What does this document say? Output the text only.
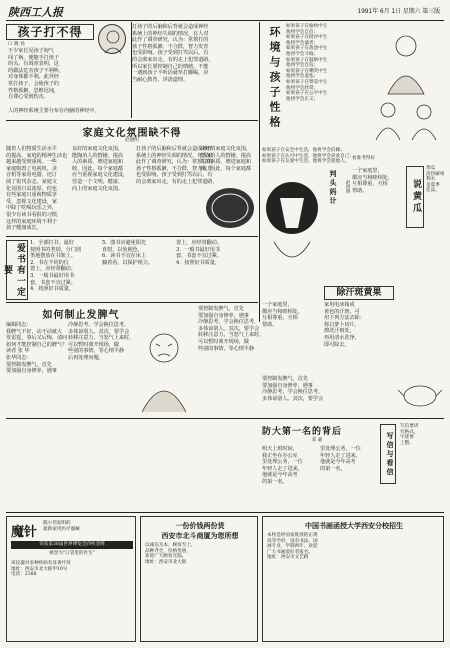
陕西工人报	1991年 6月 1日 星期六 第三版
孩子打不得
口 晓 孙
不少家长见孩子淘气
闯了祸，便随手打孩子
的头。有调查表明，这
的做法危害孩子不利听，
对身体都不利。此外经
常打孩子，会使孩子的
性格孤僻，思维迟钝，
自尊心受到伤害。
人的神经系统主要分布在内脑的神经中。
打孩子的后脑和后背就会造成神经
系统上的神经失调的情况，有人对
此作了调查研究，认为：常挨打的
孩子性格孤僻，不合群，智力发育
也受影响。孩子受到打骂以后，有
的会离家出走，有的走上犯罪道路，
所以家长要控制自己的情绪，不能
一遇到孩子不听话就拳打脚踢，应
当耐心教育，讲清道理。	环境与孩子性格 如果孩子在愉快中生
他将学会自信；
如果孩子在批评中生
他将学会谴责；
如果孩子在敌意中生
他将学会斗殴；
如果孩子在鼓励中生
他将学会自信；
如果孩子在嘲笑中生
他将学会羞怯；
如果孩子在赞美中生
他将学会欣赏；
如果孩子在公平中生
他将学会正义；
如果孩子在安全中生活，他将学会信赖；
如果孩子在认可中生活，他将学会喜欢自己；
如果孩子在友爱中生活，他将学会爱他人。
家庭文化氛围缺不得
赵德明
随着人们物质生活水平
的提高，家庭的精神生活也
越来越受到重视。一些
家庭购置了电视机、录
音机等家用电器，还订
阅了报刊杂志，家庭文
化氛围日益浓厚。但也
有些家庭只重视物质享
受，忽视文化建设，家
中除了吃喝玩乐之外，
很少有读书看报的习惯，
这样的家庭环境不利于
孩子健康成长。
良好的家庭文化氛围，
能陶冶人的情操，提高
人的素质，增进家庭和
睦。因此，每个家庭都
应当重视家庭文化建设，
营造一个文明、健康、
向上的家庭文化氛围。
打孩子的后脑和后背就会造成神经
系统上的神经失调的情况，有人对
此作了调查研究，认为：常挨打的
孩子性格孤僻，不合群，智力发育
也受影响。孩子受到打骂以后，有
的会离家出走，有的走上犯罪道路，
良好的家庭文化氛围，
能陶冶人的情操，提高
人的素质，增进家庭和
睦。因此，每个家庭都
爱书有一定要
1．全部打书，最好
按照书的类别，分门别
类地摆放在书架上。
2．书在不同的位
置上，应经常翻动。
3．一般书最好用书
套，书套不宜过紧。
4．按照好书质量，
5．图书应避免阳光
直射，以免褪色。
6．读书不宜在床上
躺着看，以保护视力。
置上，应经常翻动。
3．一般书最好用书
套，书套不宜过紧。
4．按照好书质量，
如何制止发脾气
编辑同志：
我脾气不好，动不动就大
发雷霆，事后又后悔，请问
如何才能控制自己的脾气？
读者 张 华
张华同志：
要控制发脾气，首先
要加强自身修养，遇事
冷静思考，学会换位思考，
多体谅别人。其次，要学会
转移注意力，当怒气上来时，
可以暂时离开现场，做
些别的事情，等心情平静
后再处理问题。
要控制发脾气，首先
要加强自身修养，遇事
冷静思考，学会换位思考，
多体谅别人。其次，要学会
转移注意力，当怒气上来时，
可以暂时离开现场，做
些别的事情，等心情平静
判头妈计	赵田明
一个家庭里，
都应当和睦相处，
互相尊重，互相
帮助。	说黄瓜
黄瓜
清热解毒
利水
是夏季
佳品。
看谁考得好
除汗斑黄果
家用电冰箱或
黄色的汗斑，可
用下列方法去除：
将白萝卜切片，
擦洗汗斑处，
再用清水洗净，
即可除去。
一个家庭里，
都应当和睦相处，
互相尊重，互相
帮助。
要控制发脾气，首先
要加强自身修养，遇事
冷静思考，学会换位思考，
多体谅别人。其次，要学会
防大第一名的背后
邓 嘉
明天上班时间，
我正坐在办公室
里处理公务，一位
年轻人走了进来，
他就是今年高考
的第一名。
里处理公务，一位
年轻人走了进来，
他就是今年高考
的第一名。	写信与看信
写信要讲
究格式，
字迹要
工整。
魔针
熊小伟发明的
最新家用医疗器械
荣获第38届世界博览会四枚金牌
被誉为"口袋里的医生"
该仪器对多种疾病有显著疗效
地址：西安市北大街甲10号
电话：2388
一份价钱两份货
西安市北斗商厦为您所想
以诚信为本，顾客至上，
品种齐全，价格优惠，
欢迎广大顾客光临。
地址：西安市北大街
中国书画函授大学西安分校招生
本校是经国家批准的正规
高等学府，设有书法、国
画专业，学制两年，欢迎
广大书画爱好者报名。
地址：西安市文艺路
